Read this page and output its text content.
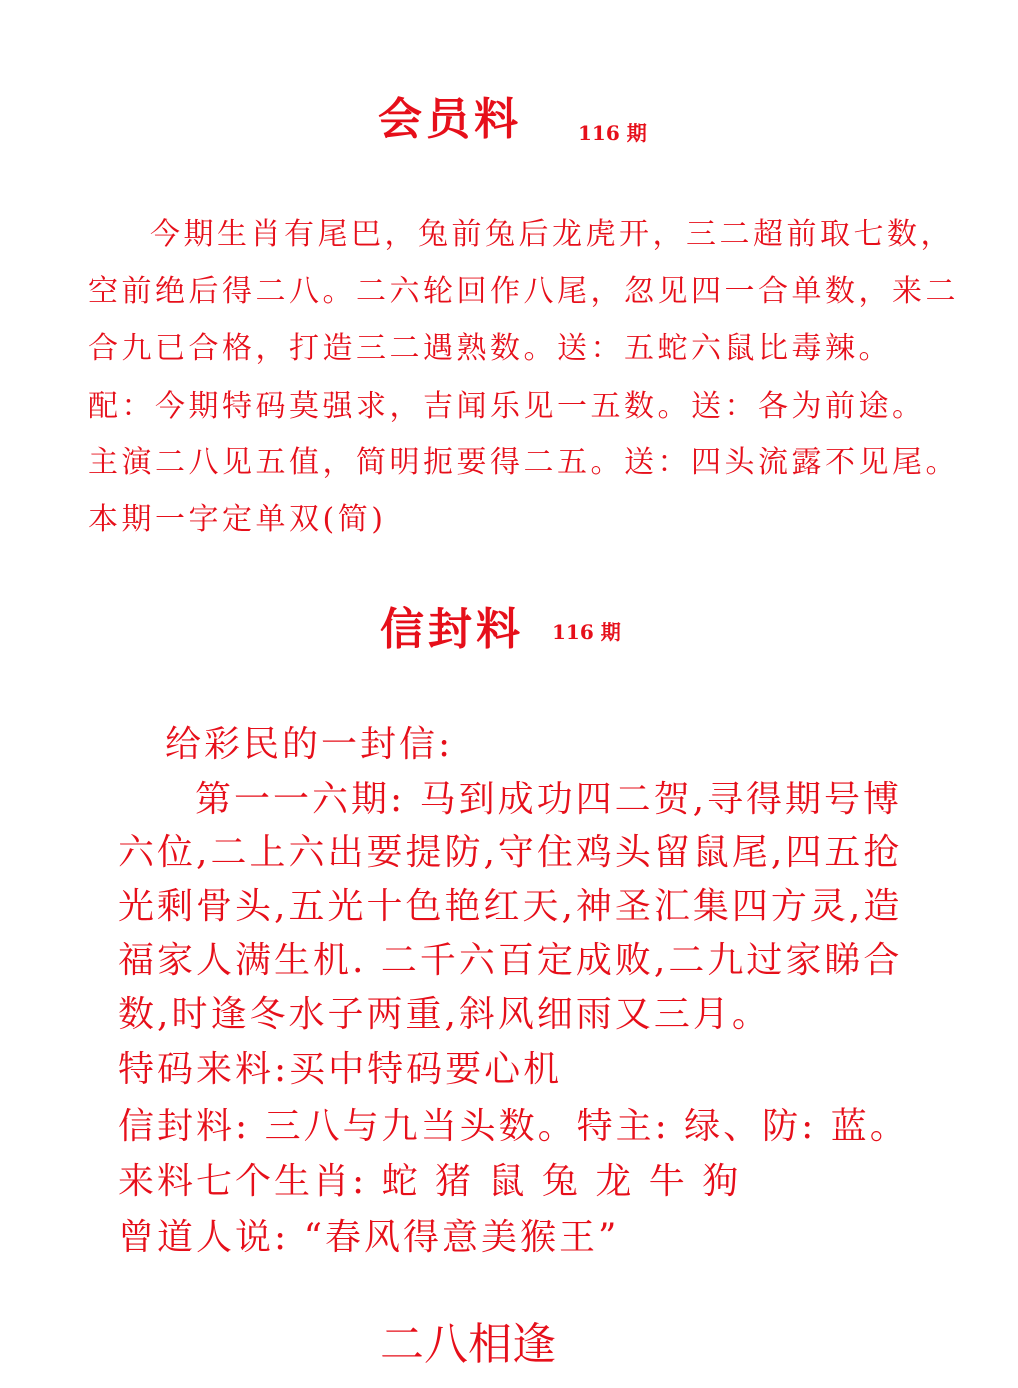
会员料	116 期
今期生肖有尾巴，兔前兔后龙虎开，三二超前取七数，
空前绝后得二八。二六轮回作八尾，忽见四一合单数，来二
合九已合格，打造三二遇熟数。送：五蛇六鼠比毒辣。
配：今期特码莫强求，吉闻乐见一五数。送：各为前途。
主演二八见五值，简明扼要得二五。送：四头流露不见尾。
本期一字定单双(简)
信封料 116 期
给彩民的一封信:
第一一六期: 马到成功四二贺,寻得期号博
六位,二上六出要提防,守住鸡头留鼠尾,四五抢
光剩骨头,五光十色艳红天,神圣汇集四方灵,造
福家人满生机. 二千六百定成败,二九过家睇合
数,时逢冬水子两重,斜风细雨又三月。
特码来料:买中特码要心机
信封料: 三八与九当头数。特主: 绿、防: 蓝。
来料七个生肖: 蛇 猪 鼠 兔 龙 牛 狗
曾道人说: “春风得意美猴王”
二八相逢
